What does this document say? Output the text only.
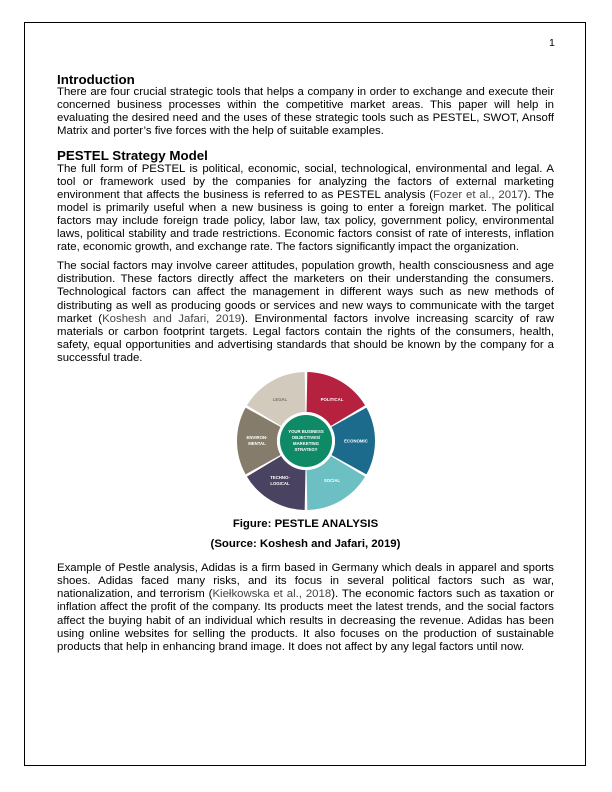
1
Introduction

There are four crucial strategic tools that helps a company in order to exchange and execute their concerned business processes within the competitive market areas. This paper will help in evaluating the desired need and the uses of these strategic tools such as PESTEL, SWOT, Ansoff Matrix and porter’s five forces with the help of suitable examples.

PESTEL Strategy Model

The full form of PESTEL is political, economic, social, technological, environmental and legal. A tool or framework used by the companies for analyzing the factors of external marketing environment that affects the business is referred to as PESTEL analysis (Fozer et al., 2017). The model is primarily useful when a new business is going to enter a foreign market. The political factors may include foreign trade policy, labor law, tax policy, government policy, environmental laws, political stability and trade restrictions. Economic factors consist of rate of interests, inflation rate, economic growth, and exchange rate. The factors significantly impact the organization.

The social factors may involve career attitudes, population growth, health consciousness and age distribution. These factors directly affect the marketers on their understanding the consumers. Technological factors can affect the management in different ways such as new methods of distributing as well as producing goods or services and new ways to communicate with the target market (Koshesh and Jafari, 2019). Environmental factors involve increasing scarcity of raw materials or carbon footprint targets. Legal factors contain the rights of the consumers, health, safety, equal opportunities and advertising standards that should be known by the company for a successful trade.

YOUR BUSINESS
OBJECTIVES/
MARKETING
STRATEGY
POLITICAL
ECONOMIC
SOCIAL
TECHNO-
LOGICAL
ENVIRON-
MENTAL
LEGAL

Figure: PESTLE ANALYSIS

(Source: Koshesh and Jafari, 2019)

Example of Pestle analysis, Adidas is a firm based in Germany which deals in apparel and sports shoes. Adidas faced many risks, and its focus in several political factors such as war, nationalization, and terrorism (Kiełkowska et al., 2018). The economic factors such as taxation or inflation affect the profit of the company. Its products meet the latest trends, and the social factors affect the buying habit of an individual which results in decreasing the revenue. Adidas has been using online websites for selling the products. It also focuses on the production of sustainable products that help in enhancing brand image. It does not affect by any legal factors until now.
